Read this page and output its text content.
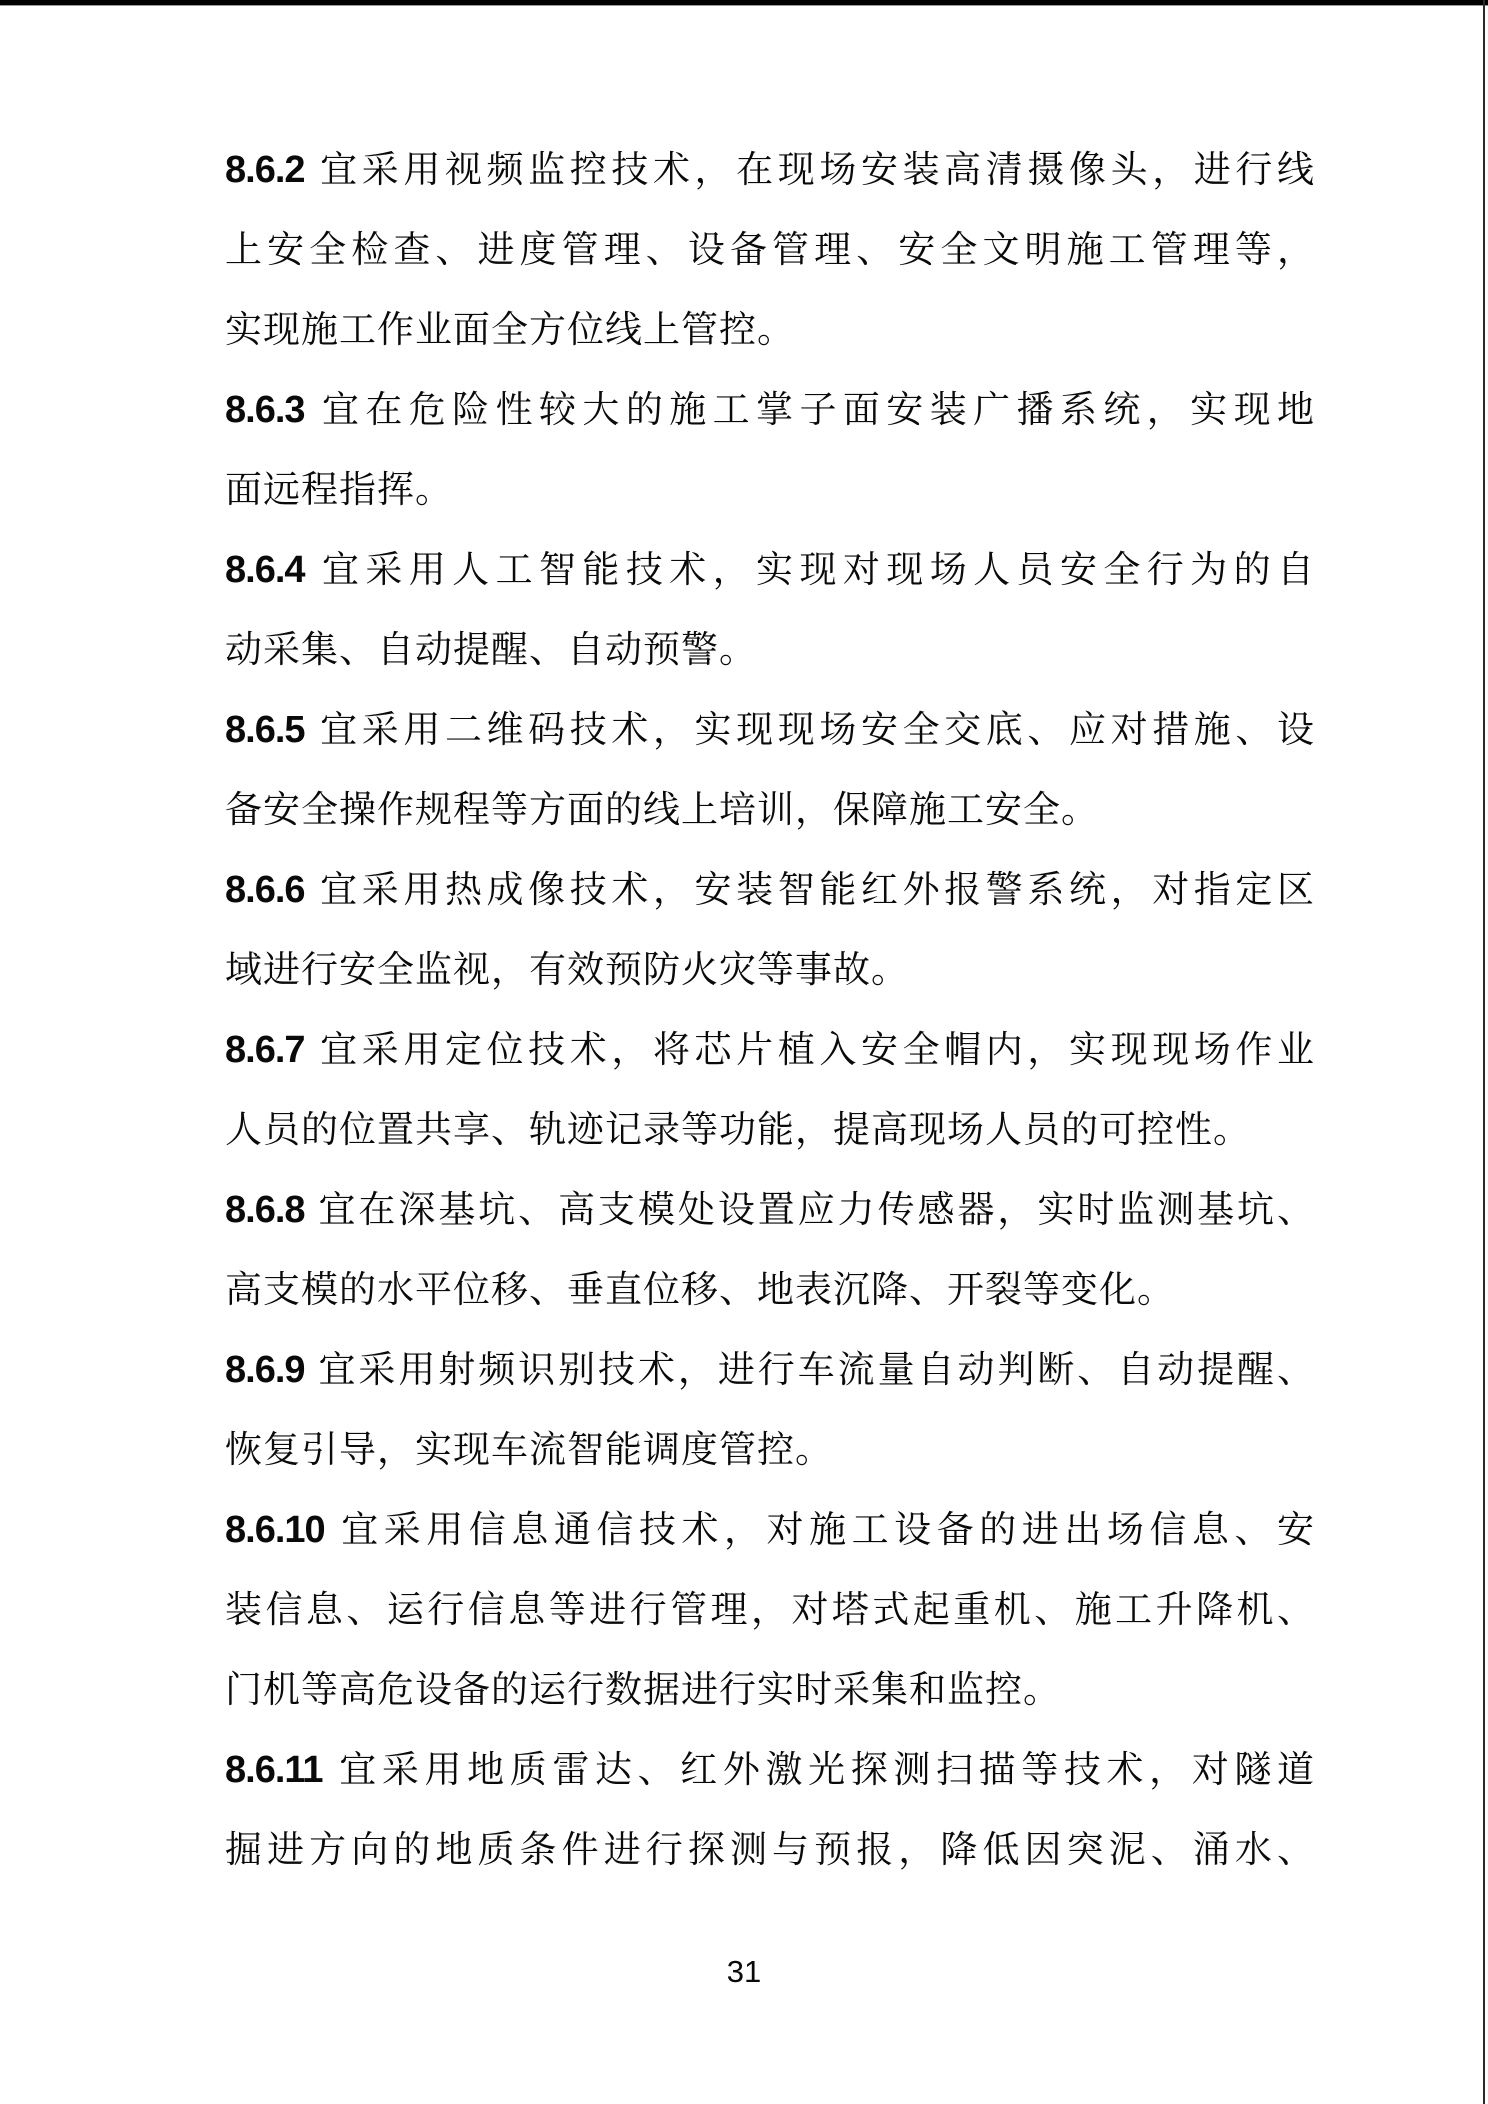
8.6.2 宜采用视频监控技术，在现场安装高清摄像头，进行线
上安全检查、进度管理、设备管理、安全文明施工管理等，
实现施工作业面全方位线上管控。
8.6.3 宜在危险性较大的施工掌子面安装广播系统，实现地
面远程指挥。
8.6.4 宜采用人工智能技术，实现对现场人员安全行为的自
动采集、自动提醒、自动预警。
8.6.5 宜采用二维码技术，实现现场安全交底、应对措施、设
备安全操作规程等方面的线上培训，保障施工安全。
8.6.6 宜采用热成像技术，安装智能红外报警系统，对指定区
域进行安全监视，有效预防火灾等事故。
8.6.7 宜采用定位技术，将芯片植入安全帽内，实现现场作业
人员的位置共享、轨迹记录等功能，提高现场人员的可控性。
8.6.8 宜在深基坑、高支模处设置应力传感器，实时监测基坑、
高支模的水平位移、垂直位移、地表沉降、开裂等变化。
8.6.9 宜采用射频识别技术，进行车流量自动判断、自动提醒、
恢复引导，实现车流智能调度管控。
8.6.10 宜采用信息通信技术，对施工设备的进出场信息、安
装信息、运行信息等进行管理，对塔式起重机、施工升降机、
门机等高危设备的运行数据进行实时采集和监控。
8.6.11 宜采用地质雷达、红外激光探测扫描等技术，对隧道
掘进方向的地质条件进行探测与预报，降低因突泥、涌水、
31
